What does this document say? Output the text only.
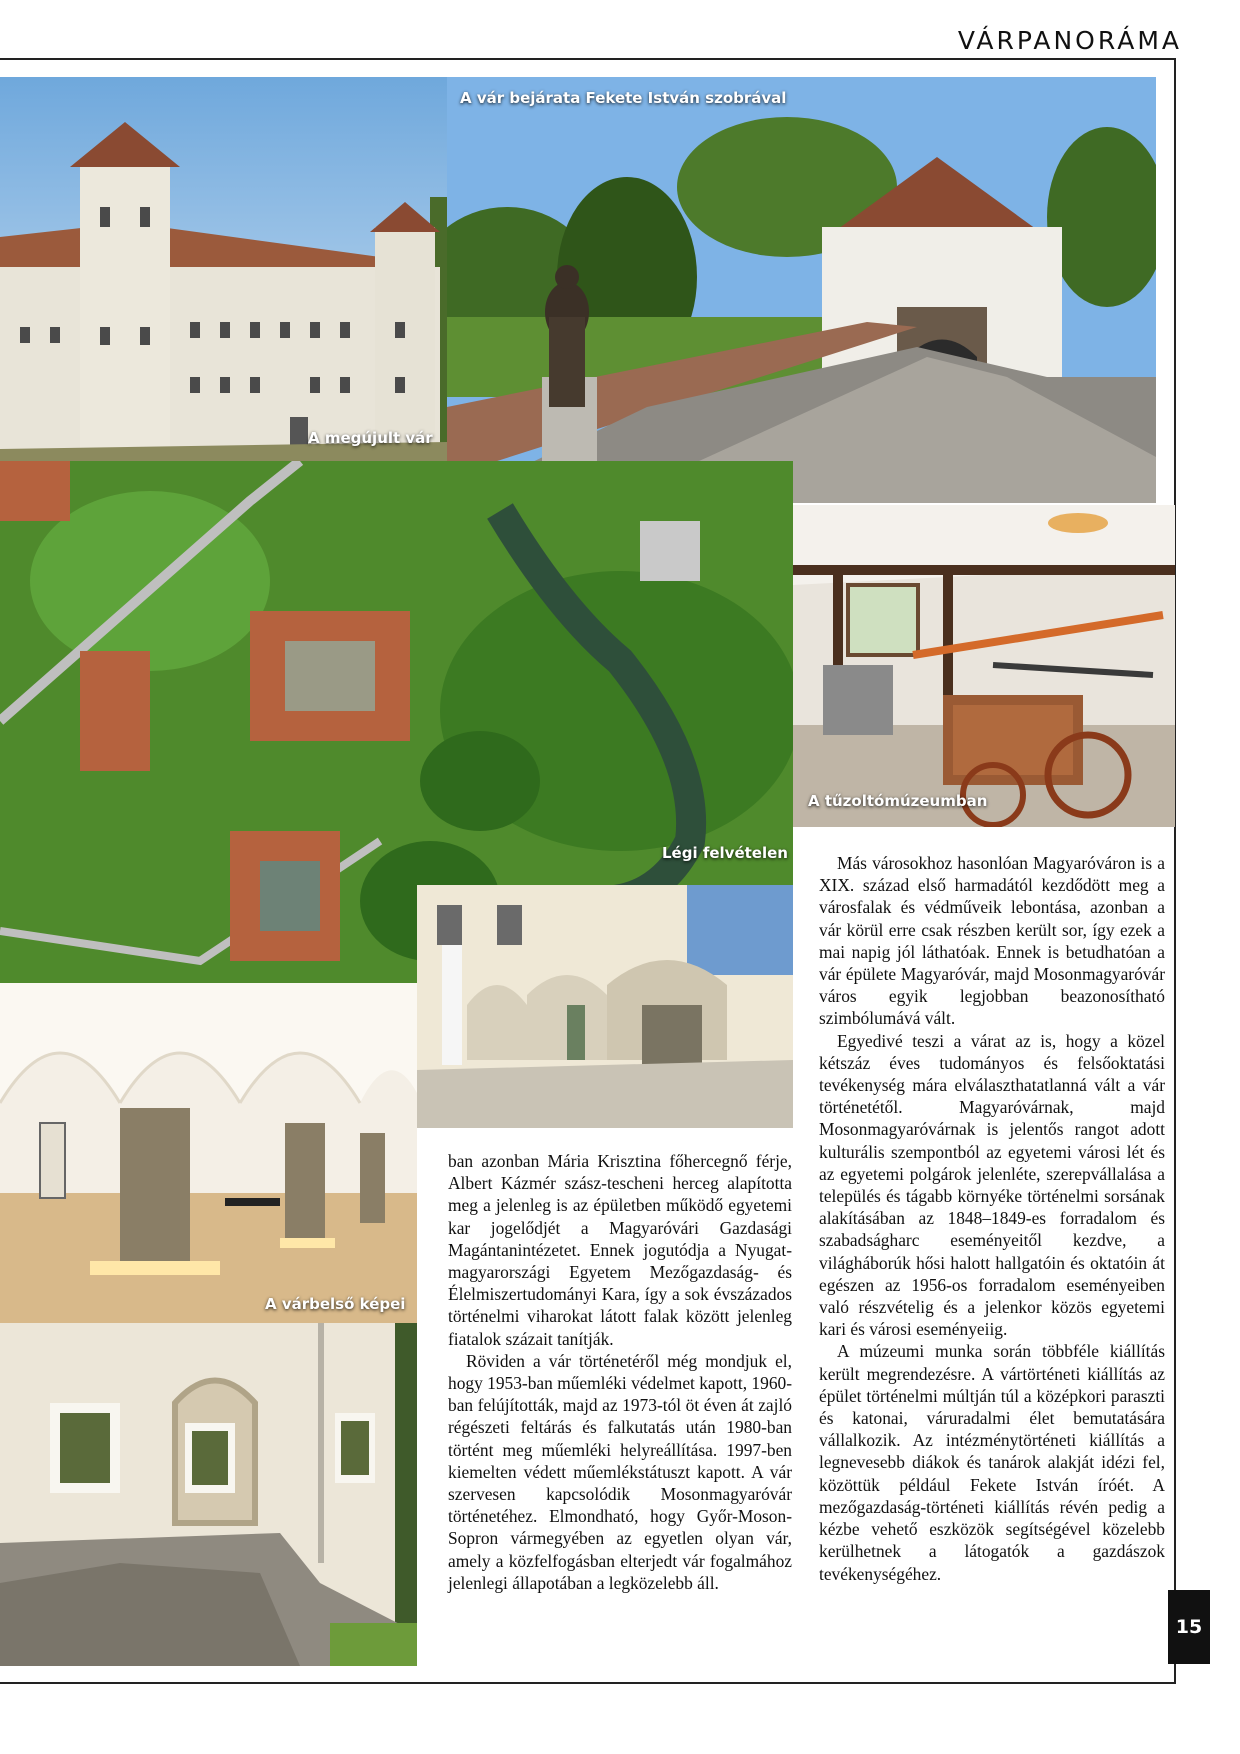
VÁRPANORÁMA
A megújult vár
A vár bejárata Fekete István szobrával
Légi felvételen
A tűzoltómúzeumban
A várbelső képei

ban azonban Mária Krisztina főhercegnő férje, Albert Kázmér szász-tescheni herceg alapította meg a jelenleg is az épületben működő egyetemi kar jogelődjét a Magyaróvári Gazdasági Magántanintézetet. Ennek jogutódja a Nyugat-magyarországi Egyetem Mezőgazdaság- és Élelmiszertudományi Kara, így a sok évszázados történelmi viharokat látott falak között jelenleg fiatalok százait tanítják.

Röviden a vár történetéről még mondjuk el, hogy 1953-ban műemléki védelmet kapott, 1960-ban felújították, majd az 1973-tól öt éven át zajló régészeti feltárás és falkutatás után 1980-ban történt meg műemléki helyreállítása. 1997-ben kiemelten védett műemlékstátuszt kapott. A vár szervesen kapcsolódik Mosonmagyaróvár történetéhez. Elmondható, hogy Győr-Moson-Sopron vármegyében az egyetlen olyan vár, amely a közfelfogásban elterjedt vár fogalmához jelenlegi állapotában a legközelebb áll.

Más városokhoz hasonlóan Magyaróváron is a XIX. század első harmadától kezdődött meg a városfalak és védműveik lebontása, azonban a vár körül erre csak részben került sor, így ezek a mai napig jól láthatóak. Ennek is betudhatóan a vár épülete Magyaróvár, majd Mosonmagyaróvár város egyik legjobban beazonosítható szimbólumává vált.

Egyedivé teszi a várat az is, hogy a közel kétszáz éves tudományos és felsőoktatási tevékenység mára elválaszthatatlanná vált a vár történetétől. Magyaróvárnak, majd Mosonmagyaróvárnak is jelentős rangot adott kulturális szempontból az egyetemi városi lét és az egyetemi polgárok jelenléte, szerepvállalása a település és tágabb környéke történelmi sorsának alakításában az 1848–1849-es forradalom és szabadságharc eseményeitől kezdve, a világháborúk hősi halott hallgatóin és oktatóin át egészen az 1956-os forradalom eseményeiben való részvételig és a jelenkor közös egyetemi kari és városi eseményeiig.

A múzeumi munka során többféle kiállítás került megrendezésre. A vártörténeti kiállítás az épület történelmi múltján túl a középkori paraszti és katonai, váruradalmi élet bemutatására vállalkozik. Az intézménytörténeti kiállítás a legnevesebb diákok és tanárok alakját idézi fel, közöttük például Fekete István íróét. A mezőgazdaság-történeti kiállítás révén pedig a kézbe vehető eszközök segítségével közelebb kerülhetnek a látogatók a gazdászok tevékenységéhez.

15
